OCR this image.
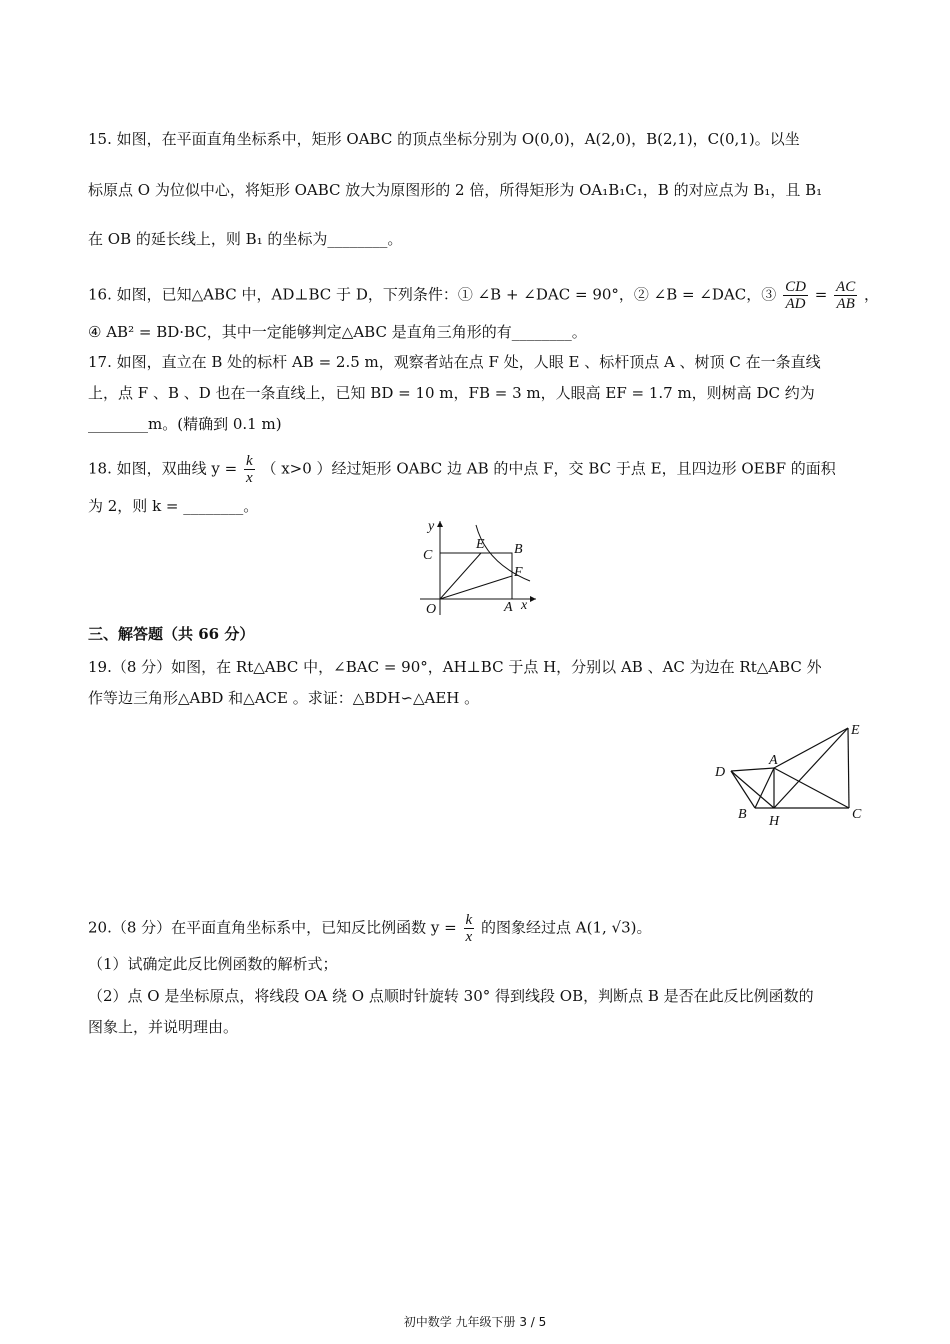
15. 如图，在平面直角坐标系中，矩形 OABC 的顶点坐标分别为 O(0,0)，A(2,0)，B(2,1)，C(0,1)。以坐
标原点 O 为位似中心，将矩形 OABC 放大为原图形的 2 倍，所得矩形为 OA₁B₁C₁，B 的对应点为 B₁，且 B₁
在 OB 的延长线上，则 B₁ 的坐标为________。
16. 如图，已知△ABC 中，AD⊥BC 于 D，下列条件：① ∠B + ∠DAC = 90°，② ∠B = ∠DAC，③ $\frac{CD}{AD} = \frac{AC}{AB}$ ，
④ AB² = BD·BC，其中一定能够判定△ABC 是直角三角形的有________。
17. 如图，直立在 B 处的标杆 AB = 2.5 m，观察者站在点 F 处，人眼 E 、标杆顶点 A 、树顶 C 在一条直线
上，点 F 、B 、D 也在一条直线上，已知 BD = 10 m，FB = 3 m，人眼高 EF = 1.7 m，则树高 DC 约为
________m。(精确到 0.1 m)
18. 如图，双曲线 $y = \frac{k}{x}$ （ x>0 ）经过矩形 OABC 边 AB 的中点 F，交 BC 于点 E，且四边形 OEBF 的面积
为 2，则 k = ________。
y
C
E B
F
O	A x
三、解答题（共 66 分）
19.（8 分）如图，在 Rt△ABC 中，∠BAC = 90°，AH⊥BC 于点 H，分别以 AB 、AC 为边在 Rt△ABC 外
作等边三角形△ABD 和△ACE 。求证：△BDH∽△AEH 。
E
D
A
B H	C
20.（8 分）在平面直角坐标系中，已知反比例函数 $y = \frac{k}{x}$ 的图象经过点 A(1, √3)。
（1）试确定此反比例函数的解析式；
（2）点 O 是坐标原点，将线段 OA 绕 O 点顺时针旋转 30° 得到线段 OB，判断点 B 是否在此反比例函数的
图象上，并说明理由。
初中数学 九年级下册 3 / 5
